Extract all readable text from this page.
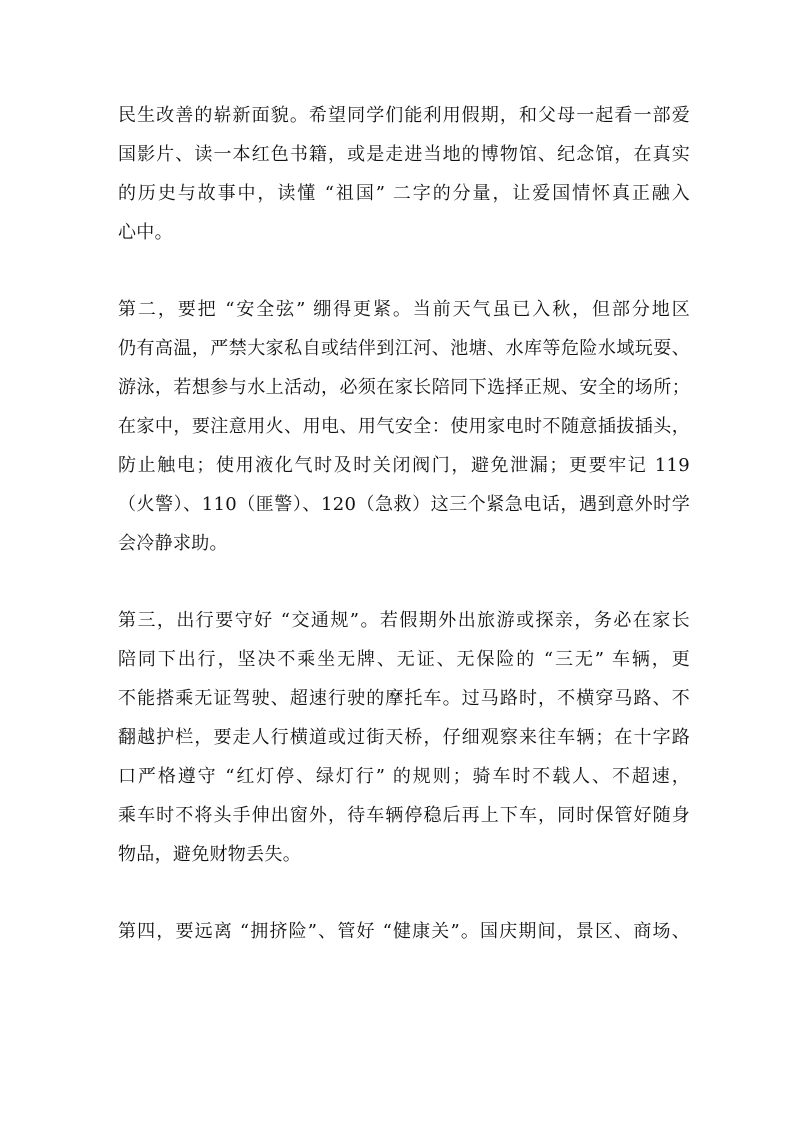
民生改善的崭新面貌。希望同学们能利用假期，和父母一起看一部爱
国影片、读一本红色书籍，或是走进当地的博物馆、纪念馆，在真实
的历史与故事中，读懂 “祖国” 二字的分量，让爱国情怀真正融入
心中。
第二，要把 “安全弦” 绷得更紧。当前天气虽已入秋，但部分地区
仍有高温，严禁大家私自或结伴到江河、池塘、水库等危险水域玩耍、
游泳，若想参与水上活动，必须在家长陪同下选择正规、安全的场所；
在家中，要注意用火、用电、用气安全：使用家电时不随意插拔插头，
防止触电；使用液化气时及时关闭阀门，避免泄漏；更要牢记 119
（火警）、110（匪警）、120（急救）这三个紧急电话，遇到意外时学
会冷静求助。
第三，出行要守好 “交通规”。若假期外出旅游或探亲，务必在家长
陪同下出行，坚决不乘坐无牌、无证、无保险的 “三无” 车辆，更
不能搭乘无证驾驶、超速行驶的摩托车。过马路时，不横穿马路、不
翻越护栏，要走人行横道或过街天桥，仔细观察来往车辆；在十字路
口严格遵守 “红灯停、绿灯行” 的规则；骑车时不载人、不超速，
乘车时不将头手伸出窗外，待车辆停稳后再上下车，同时保管好随身
物品，避免财物丢失。
第四，要远离 “拥挤险”、管好 “健康关”。国庆期间，景区、商场、
